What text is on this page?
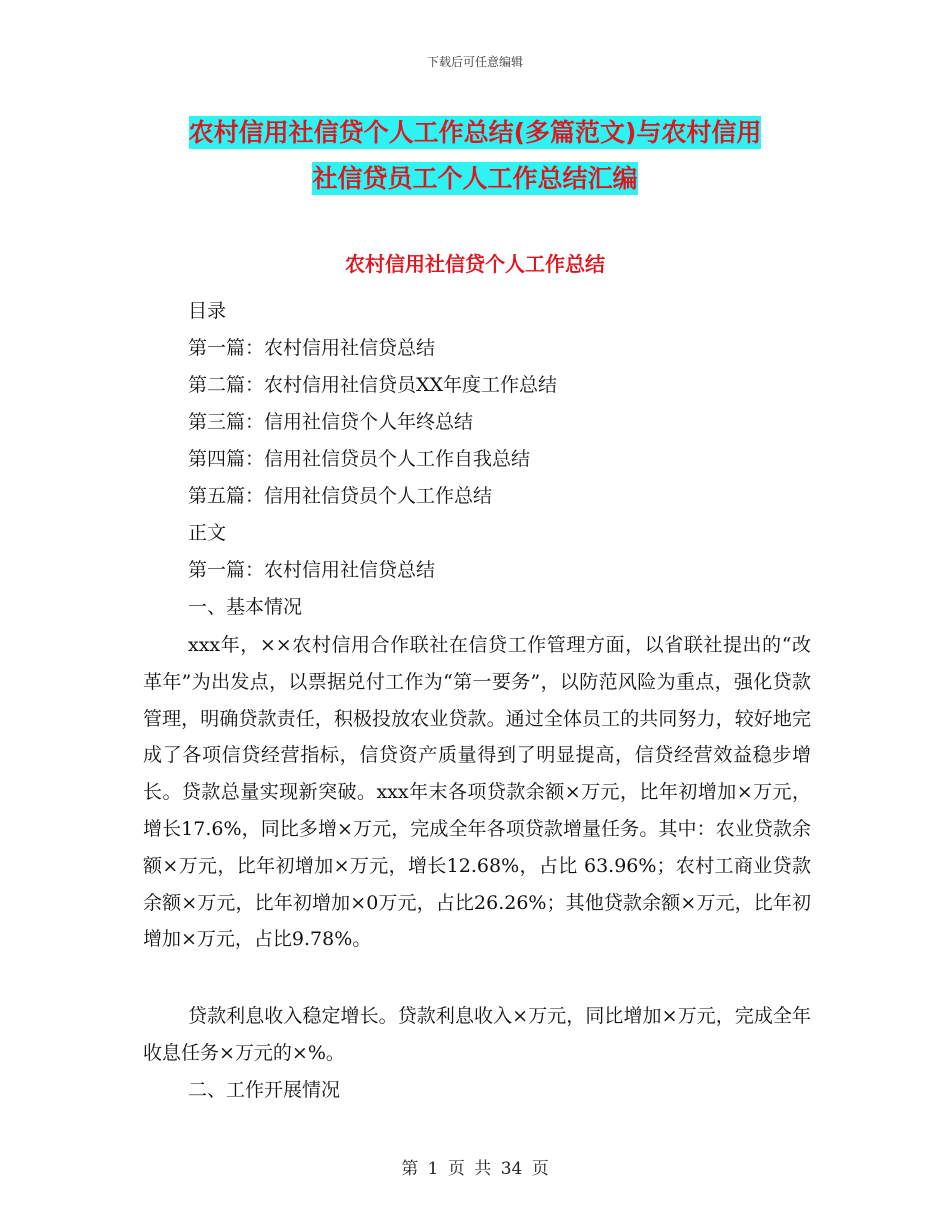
下载后可任意编辑
农村信用社信贷个人工作总结(多篇范文)与农村信用
社信贷员工个人工作总结汇编
农村信用社信贷个人工作总结
目录
第一篇：农村信用社信贷总结
第二篇：农村信用社信贷员XX年度工作总结
第三篇：信用社信贷个人年终总结
第四篇：信用社信贷员个人工作自我总结
第五篇：信用社信贷员个人工作总结
正文
第一篇：农村信用社信贷总结
一、基本情况
xxx年，××农村信用合作联社在信贷工作管理方面，以省联社提出的“改革年”为出发点，以票据兑付工作为“第一要务”，以防范风险为重点，强化贷款管理，明确贷款责任，积极投放农业贷款。通过全体员工的共同努力，较好地完成了各项信贷经营指标，信贷资产质量得到了明显提高，信贷经营效益稳步增长。贷款总量实现新突破。xxx年末各项贷款余额×万元，比年初增加×万元，增长17.6%，同比多增×万元，完成全年各项贷款增量任务。其中：农业贷款余额×万元，比年初增加×万元，增长12.68%，占比 63.96%；农村工商业贷款余额×万元，比年初增加×0万元，占比26.26%；其他贷款余额×万元，比年初增加×万元，占比9.78%。
贷款利息收入稳定增长。贷款利息收入×万元，同比增加×万元，完成全年收息任务×万元的×%。
二、工作开展情况
第 1 页 共 34 页
